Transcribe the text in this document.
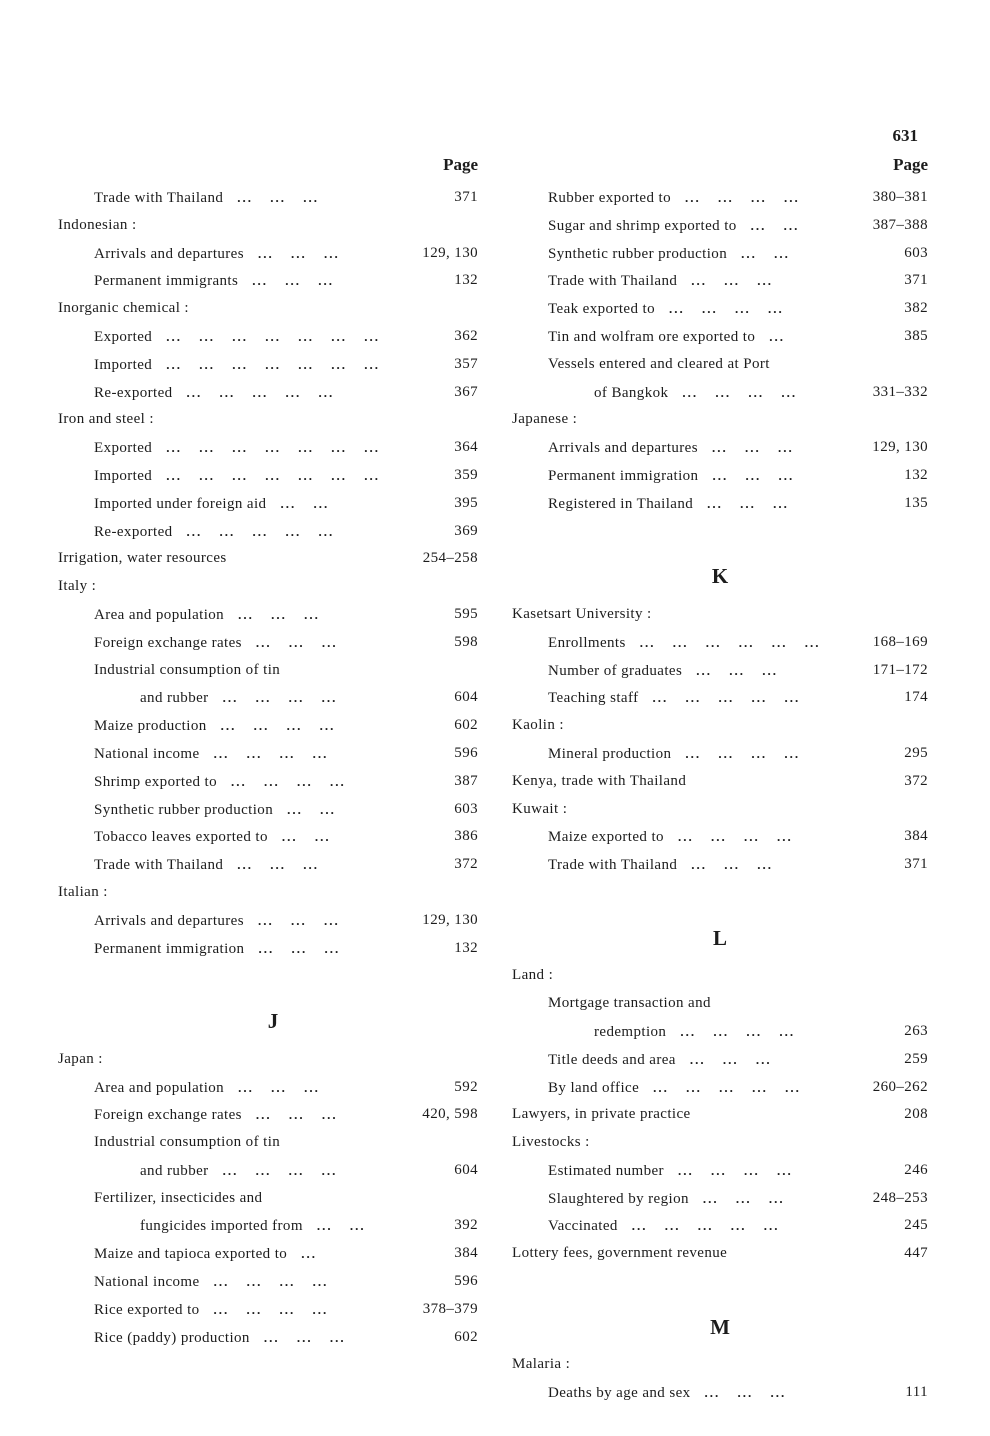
631
Page
Trade with Thailand ... ... ...	371
Indonesian :
Arrivals and departures ... ... ...	129, 130
Permanent immigrants ... ... ...	132
Inorganic chemical :
Exported ... ... ... ... ... ... ...	362
Imported ... ... ... ... ... ... ...	357
Re-exported ... ... ... ... ...	367
Iron and steel :
Exported ... ... ... ... ... ... ...	364
Imported ... ... ... ... ... ... ...	359
Imported under foreign aid ... ...	395
Re-exported ... ... ... ... ...	369
Irrigation, water resources	254–258
Italy :
Area and population ... ... ...	595
Foreign exchange rates ... ... ...	598
Industrial consumption of tin
and rubber ... ... ... ...	604
Maize production ... ... ... ...	602
National income ... ... ... ...	596
Shrimp exported to ... ... ... ...	387
Synthetic rubber production ... ...	603
Tobacco leaves exported to ... ...	386
Trade with Thailand ... ... ...	372
Italian :
Arrivals and departures ... ... ...	129, 130
Permanent immigration ... ... ...	132
J
Japan :
Area and population ... ... ...	592
Foreign exchange rates ... ... ...	420, 598
Industrial consumption of tin
and rubber ... ... ... ...	604
Fertilizer, insecticides and
fungicides imported from ... ...	392
Maize and tapioca exported to ...	384
National income ... ... ... ...	596
Rice exported to ... ... ... ...	378–379
Rice (paddy) production ... ... ...	602
Page
Rubber exported to ... ... ... ...	380–381
Sugar and shrimp exported to ... ...	387–388
Synthetic rubber production ... ...	603
Trade with Thailand ... ... ...	371
Teak exported to ... ... ... ...	382
Tin and wolfram ore exported to ...	385
Vessels entered and cleared at Port
of Bangkok ... ... ... ...	331–332
Japanese :
Arrivals and departures ... ... ...	129, 130
Permanent immigration ... ... ...	132
Registered in Thailand ... ... ...	135
K
Kasetsart University :
Enrollments ... ... ... ... ... ...	168–169
Number of graduates ... ... ...	171–172
Teaching staff ... ... ... ... ...	174
Kaolin :
Mineral production ... ... ... ...	295
Kenya, trade with Thailand	372
Kuwait :
Maize exported to ... ... ... ...	384
Trade with Thailand ... ... ...	371
L
Land :
Mortgage transaction and
redemption ... ... ... ...	263
Title deeds and area ... ... ...	259
By land office ... ... ... ... ...	260–262
Lawyers, in private practice	208
Livestocks :
Estimated number ... ... ... ...	246
Slaughtered by region ... ... ...	248–253
Vaccinated ... ... ... ... ...	245
Lottery fees, government revenue	447
M
Malaria :
Deaths by age and sex ... ... ...	111
